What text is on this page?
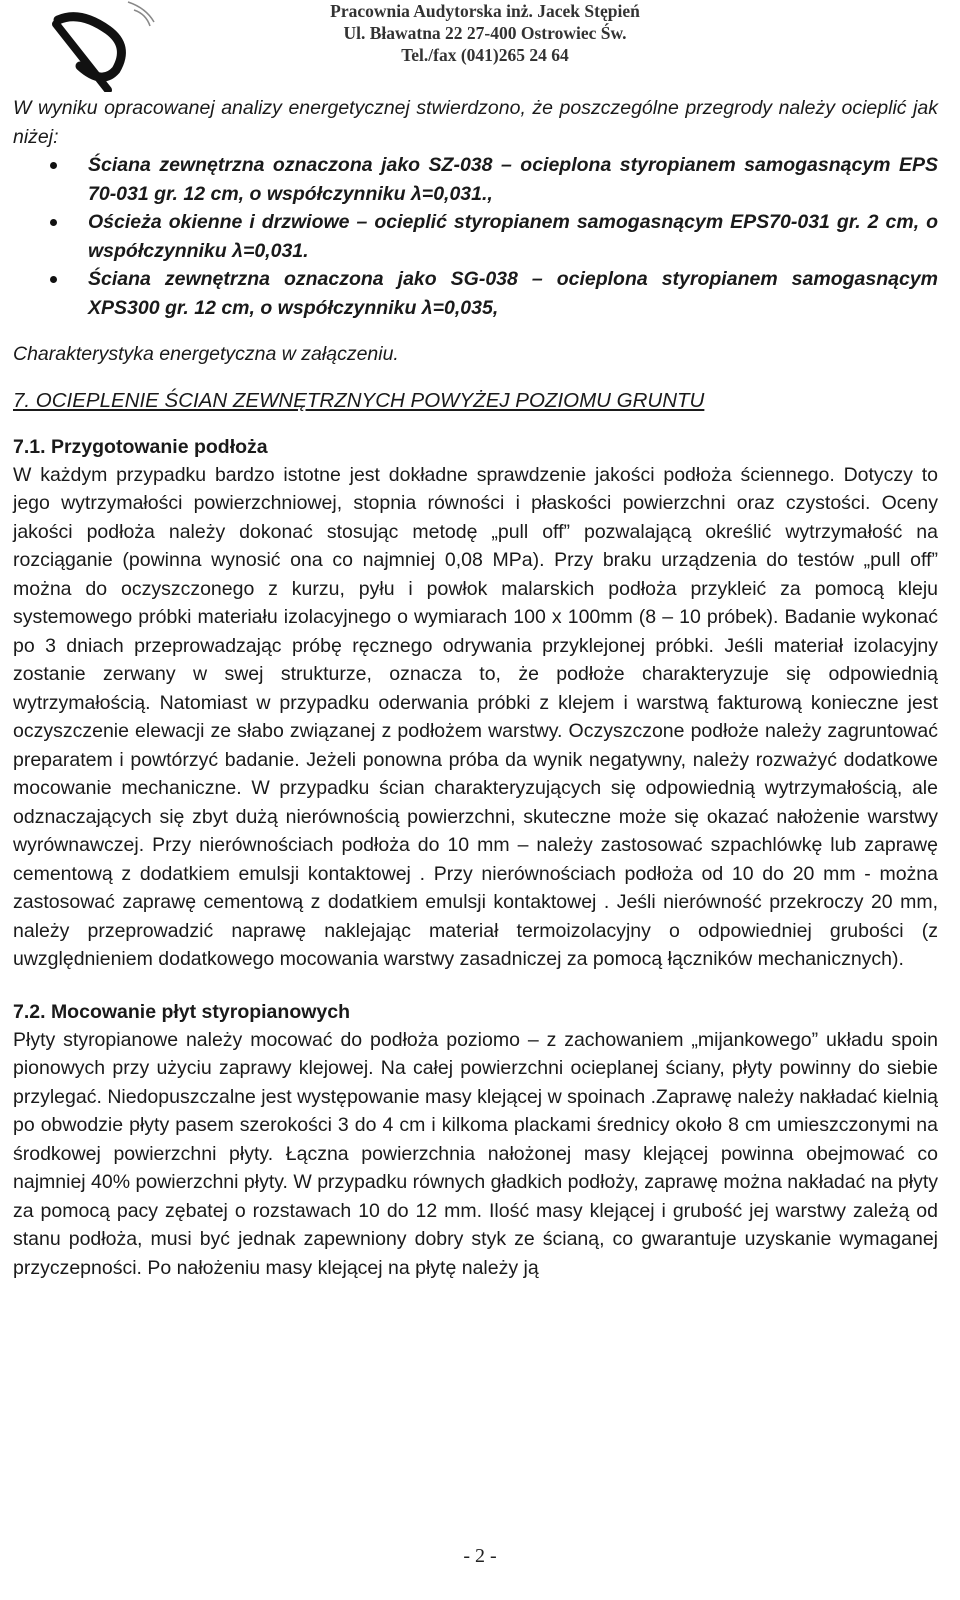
Pracownia Audytorska inż. Jacek Stępień
Ul. Bławatna 22 27-400 Ostrowiec Św.
Tel./fax (041)265 24 64

W wyniku opracowanej analizy energetycznej stwierdzono, że poszczególne przegrody należy ocieplić jak niżej:

Ściana zewnętrzna oznaczona jako SZ-038 – ocieplona styropianem samogasnącym EPS 70-031 gr. 12 cm, o współczynniku λ=0,031.,
Ościeża okienne i drzwiowe – ocieplić styropianem samogasnącym EPS70-031 gr. 2 cm, o współczynniku λ=0,031.
Ściana zewnętrzna oznaczona jako SG-038 – ocieplona styropianem samogasnącym XPS300 gr. 12 cm, o współczynniku λ=0,035,

Charakterystyka energetyczna w załączeniu.

7. OCIEPLENIE ŚCIAN ZEWNĘTRZNYCH POWYŻEJ POZIOMU GRUNTU

7.1. Przygotowanie podłoża

W każdym przypadku bardzo istotne jest dokładne sprawdzenie jakości podłoża ściennego. Dotyczy to jego wytrzymałości powierzchniowej, stopnia równości i płaskości powierzchni oraz czystości. Oceny jakości podłoża należy dokonać stosując metodę „pull off” pozwalającą określić wytrzymałość na rozciąganie (powinna wynosić ona co najmniej 0,08 MPa). Przy braku urządzenia do testów „pull off” można do oczyszczonego z kurzu, pyłu i powłok malarskich podłoża przykleić za pomocą kleju systemowego próbki materiału izolacyjnego o wymiarach 100 x 100mm (8 – 10 próbek). Badanie wykonać po 3 dniach przeprowadzając próbę ręcznego odrywania przyklejonej próbki. Jeśli materiał izolacyjny zostanie zerwany w swej strukturze, oznacza to, że podłoże charakteryzuje się odpowiednią wytrzymałością. Natomiast w przypadku oderwania próbki z klejem i warstwą fakturową konieczne jest oczyszczenie elewacji ze słabo związanej z podłożem warstwy. Oczyszczone podłoże należy zagruntować preparatem i powtórzyć badanie. Jeżeli ponowna próba da wynik negatywny, należy rozważyć dodatkowe mocowanie mechaniczne. W przypadku ścian charakteryzujących się odpowiednią wytrzymałością, ale odznaczających się zbyt dużą nierównością powierzchni, skuteczne może się okazać nałożenie warstwy wyrównawczej. Przy nierównościach podłoża do 10 mm – należy zastosować szpachlówkę lub zaprawę cementową z dodatkiem emulsji kontaktowej . Przy nierównościach podłoża od 10 do 20 mm - można zastosować zaprawę cementową z dodatkiem emulsji kontaktowej . Jeśli nierówność przekroczy 20 mm, należy przeprowadzić naprawę naklejając materiał termoizolacyjny o odpowiedniej grubości (z uwzględnieniem dodatkowego mocowania warstwy zasadniczej za pomocą łączników mechanicznych).

7.2. Mocowanie płyt styropianowych

Płyty styropianowe należy mocować do podłoża poziomo – z zachowaniem „mijankowego” układu spoin pionowych przy użyciu zaprawy klejowej. Na całej powierzchni ocieplanej ściany, płyty powinny do siebie przylegać. Niedopuszczalne jest występowanie masy klejącej w spoinach .Zaprawę należy nakładać kielnią po obwodzie płyty pasem szerokości 3 do 4 cm i kilkoma plackami średnicy około 8 cm umieszczonymi na środkowej powierzchni płyty. Łączna powierzchnia nałożonej masy klejącej powinna obejmować co najmniej 40% powierzchni płyty. W przypadku równych gładkich podłoży, zaprawę można nakładać na płyty za pomocą pacy zębatej o rozstawach 10 do 12 mm. Ilość masy klejącej i grubość jej warstwy zależą od stanu podłoża, musi być jednak zapewniony dobry styk ze ścianą, co gwarantuje uzyskanie wymaganej przyczepności. Po nałożeniu masy klejącej na płytę należy ją

- 2 -
